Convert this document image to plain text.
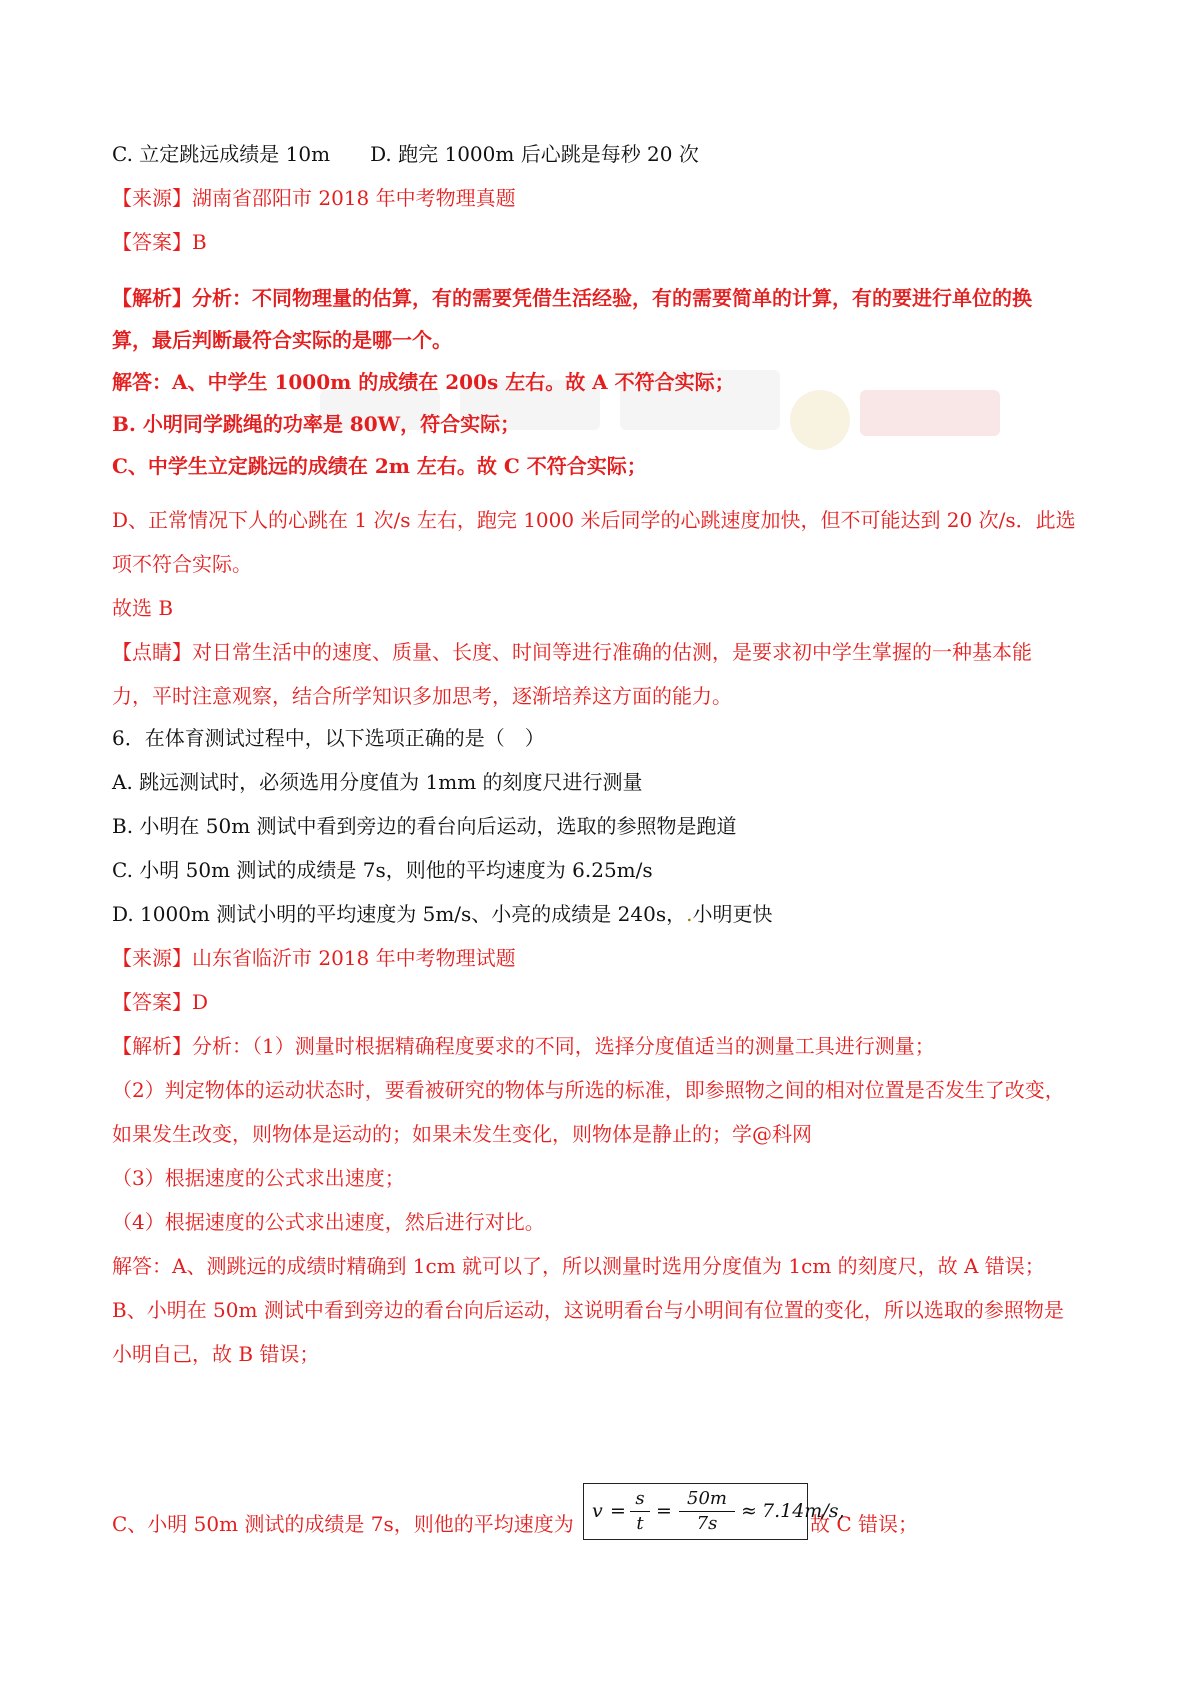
C. 立定跳远成绩是 10m　　D. 跑完 1000m 后心跳是每秒 20 次
【来源】湖南省邵阳市 2018 年中考物理真题
【答案】B
【解析】分析：不同物理量的估算，有的需要凭借生活经验，有的需要简单的计算，有的要进行单位的换
算，最后判断最符合实际的是哪一个。
解答：A、中学生 1000m 的成绩在 200s 左右。故 A 不符合实际；
B. 小明同学跳绳的功率是 80W，符合实际；
C、中学生立定跳远的成绩在 2m 左右。故 C 不符合实际；
D、正常情况下人的心跳在 1 次/s 左右，跑完 1000 米后同学的心跳速度加快，但不可能达到 20 次/s．此选
项不符合实际。
故选 B
【点睛】对日常生活中的速度、质量、长度、时间等进行准确的估测，是要求初中学生掌握的一种基本能
力，平时注意观察，结合所学知识多加思考，逐渐培养这方面的能力。
6．在体育测试过程中，以下选项正确的是（　）
A. 跳远测试时，必须选用分度值为 1mm 的刻度尺进行测量
B. 小明在 50m 测试中看到旁边的看台向后运动，选取的参照物是跑道
C. 小明 50m 测试的成绩是 7s，则他的平均速度为 6.25m/s
D. 1000m 测试小明的平均速度为 5m/s、小亮的成绩是 240s，.小明更快
【来源】山东省临沂市 2018 年中考物理试题
【答案】D
【解析】分析：（1）测量时根据精确程度要求的不同，选择分度值适当的测量工具进行测量；
（2）判定物体的运动状态时，要看被研究的物体与所选的标准，即参照物之间的相对位置是否发生了改变，
如果发生改变，则物体是运动的；如果未发生变化，则物体是静止的；学@科网
（3）根据速度的公式求出速度；
（4）根据速度的公式求出速度，然后进行对比。
解答：A、测跳远的成绩时精确到 1cm 就可以了，所以测量时选用分度值为 1cm 的刻度尺，故 A 错误；
B、小明在 50m 测试中看到旁边的看台向后运动，这说明看台与小明间有位置的变化，所以选取的参照物是
小明自己，故 B 错误；
C、小明 50m 测试的成绩是 7s，则他的平均速度为	故 C 错误；
v =
s
t
=
50m
7s
≈ 7.14m/s,
